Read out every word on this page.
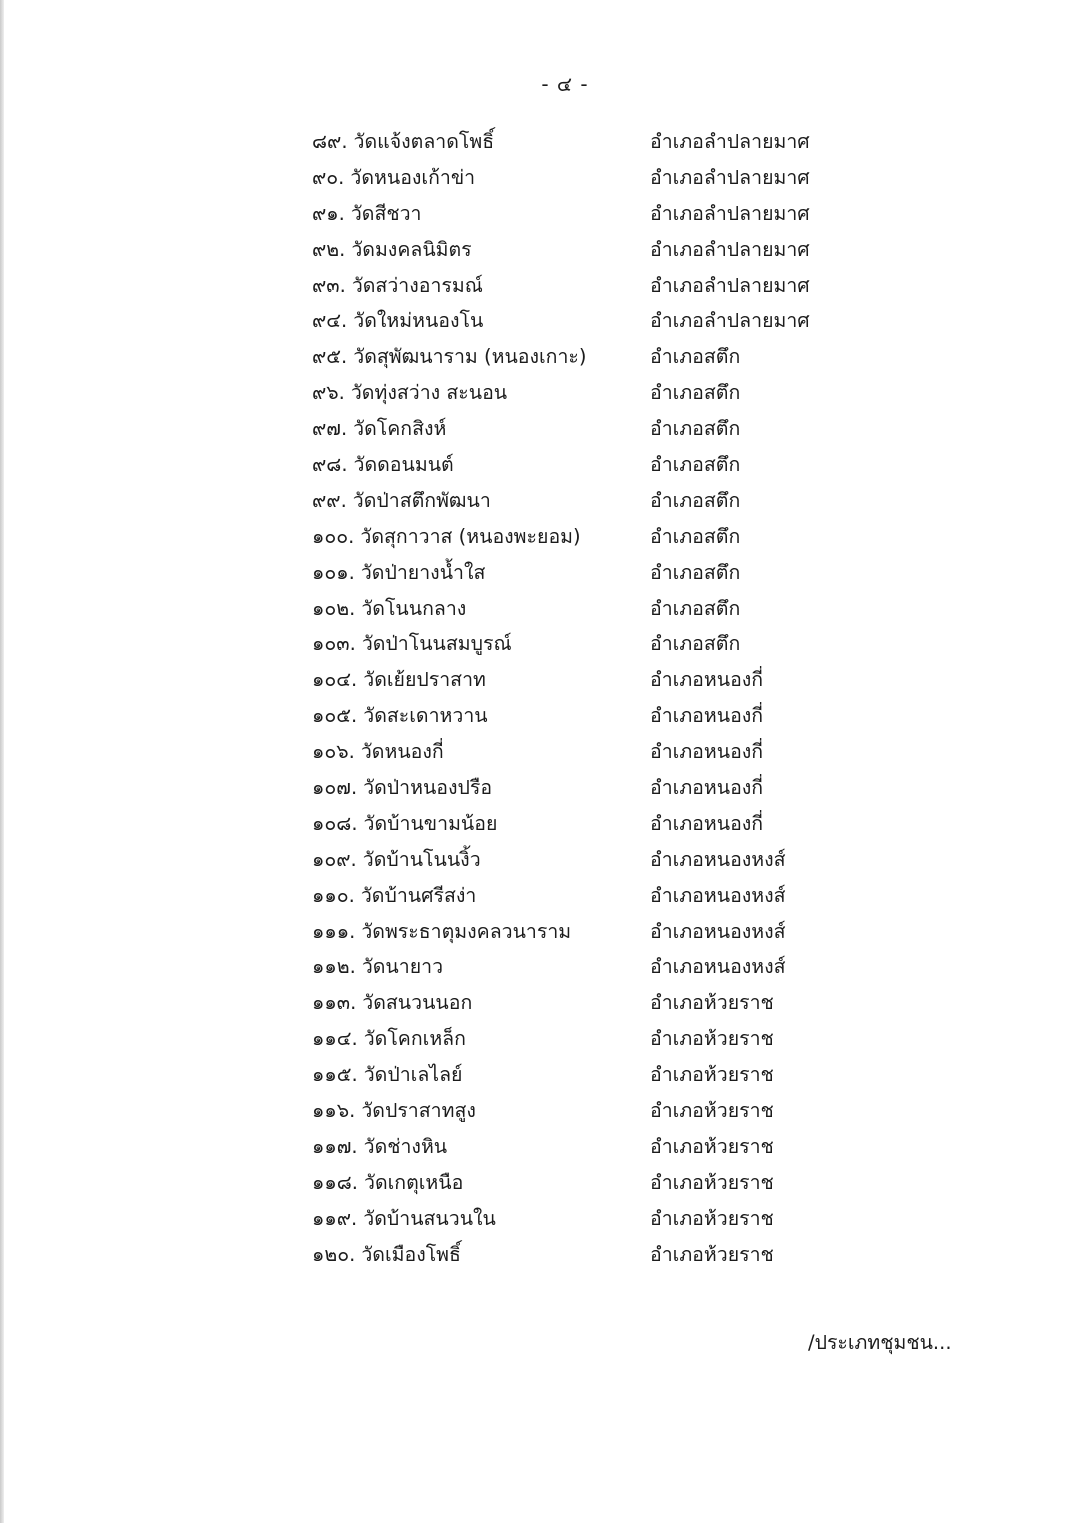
- ๔ -
๘๙. วัดแจ้งตลาดโพธิ์	อำเภอลำปลายมาศ
๙๐. วัดหนองเก้าข่า	อำเภอลำปลายมาศ
๙๑. วัดสีชวา	อำเภอลำปลายมาศ
๙๒. วัดมงคลนิมิตร	อำเภอลำปลายมาศ
๙๓. วัดสว่างอารมณ์	อำเภอลำปลายมาศ
๙๔. วัดใหม่หนองโน	อำเภอลำปลายมาศ
๙๕. วัดสุพัฒนาราม (หนองเกาะ)	อำเภอสตึก
๙๖. วัดทุ่งสว่าง สะนอน	อำเภอสตึก
๙๗. วัดโคกสิงห์	อำเภอสตึก
๙๘. วัดดอนมนต์	อำเภอสตึก
๙๙. วัดป่าสตึกพัฒนา	อำเภอสตึก
๑๐๐. วัดสุกาวาส (หนองพะยอม)	อำเภอสตึก
๑๐๑. วัดป่ายางน้ำใส	อำเภอสตึก
๑๐๒. วัดโนนกลาง	อำเภอสตึก
๑๐๓. วัดป่าโนนสมบูรณ์	อำเภอสตึก
๑๐๔. วัดเย้ยปราสาท	อำเภอหนองกี่
๑๐๕. วัดสะเดาหวาน	อำเภอหนองกี่
๑๐๖. วัดหนองกี่	อำเภอหนองกี่
๑๐๗. วัดป่าหนองปรือ	อำเภอหนองกี่
๑๐๘. วัดบ้านขามน้อย	อำเภอหนองกี่
๑๐๙. วัดบ้านโนนงิ้ว	อำเภอหนองหงส์
๑๑๐. วัดบ้านศรีสง่า	อำเภอหนองหงส์
๑๑๑. วัดพระธาตุมงคลวนาราม	อำเภอหนองหงส์
๑๑๒. วัดนายาว	อำเภอหนองหงส์
๑๑๓. วัดสนวนนอก	อำเภอห้วยราช
๑๑๔. วัดโคกเหล็ก	อำเภอห้วยราช
๑๑๕. วัดป่าเลไลย์	อำเภอห้วยราช
๑๑๖. วัดปราสาทสูง	อำเภอห้วยราช
๑๑๗. วัดช่างหิน	อำเภอห้วยราช
๑๑๘. วัดเกตุเหนือ	อำเภอห้วยราช
๑๑๙. วัดบ้านสนวนใน	อำเภอห้วยราช
๑๒๐. วัดเมืองโพธิ์	อำเภอห้วยราช
/ประเภทชุมชน...
